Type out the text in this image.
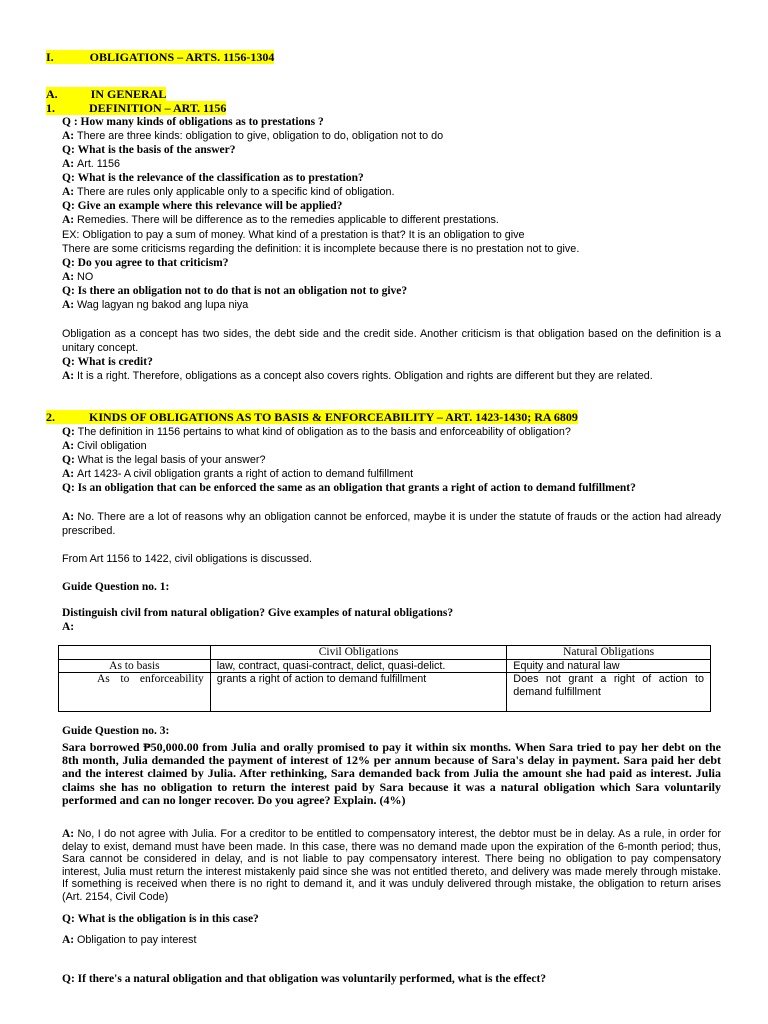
I.	OBLIGATIONS – ARTS. 1156-1304
A.	IN GENERAL
1.	DEFINITION – ART. 1156
Q : How many kinds of obligations as to prestations ?
A: There are three kinds: obligation to give, obligation to do, obligation not to do
Q: What is the basis of the answer?
A: Art. 1156
Q: What is the relevance of the classification as to prestation?
A: There are rules only applicable only to a specific kind of obligation.
Q: Give an example where this relevance will be applied?
A: Remedies. There will be difference as to the remedies applicable to different prestations.
EX: Obligation to pay a sum of money. What kind of a prestation is that? It is an obligation to give
There are some criticisms regarding the definition: it is incomplete because there is no prestation not to give.
Q: Do you agree to that criticism?
A: NO
Q: Is there an obligation not to do that is not an obligation not to give?
A: Wag lagyan ng bakod ang lupa niya
Obligation as a concept has two sides, the debt side and the credit side. Another criticism is that obligation based on the definition is a unitary concept.
Q: What is credit?
A: It is a right. Therefore, obligations as a concept also covers rights. Obligation and rights are different but they are related.
2.	KINDS OF OBLIGATIONS AS TO BASIS & ENFORCEABILITY – ART. 1423-1430; RA 6809
Q: The definition in 1156 pertains to what kind of obligation as to the basis and enforceability of obligation?
A: Civil obligation
Q: What is the legal basis of your answer?
A: Art 1423- A civil obligation grants a right of action to demand fulfillment
Q: Is an obligation that can be enforced the same as an obligation that grants a right of action to demand fulfillment?
A: No. There are a lot of reasons why an obligation cannot be enforced, maybe it is under the statute of frauds or the action had already prescribed.
From Art 1156 to 1422, civil obligations is discussed.
Guide Question no. 1:
Distinguish civil from natural obligation? Give examples of natural obligations?
A:
	Civil Obligations	Natural Obligations
As to basis	law, contract, quasi-contract, delict, quasi-delict.	Equity and natural law
As to enforceability	grants a right of action to demand fulfillment	Does not grant a right of action to demand fulfillment
Guide Question no. 3:
Sara borrowed ₱50,000.00 from Julia and orally promised to pay it within six months. When Sara tried to pay her debt on the 8th month, Julia demanded the payment of interest of 12% per annum because of Sara's delay in payment. Sara paid her debt and the interest claimed by Julia. After rethinking, Sara demanded back from Julia the amount she had paid as interest. Julia claims she has no obligation to return the interest paid by Sara because it was a natural obligation which Sara voluntarily performed and can no longer recover. Do you agree? Explain. (4%)
A: No, I do not agree with Julia. For a creditor to be entitled to compensatory interest, the debtor must be in delay. As a rule, in order for delay to exist, demand must have been made. In this case, there was no demand made upon the expiration of the 6-month period; thus, Sara cannot be considered in delay, and is not liable to pay compensatory interest. There being no obligation to pay compensatory interest, Julia must return the interest mistakenly paid since she was not entitled thereto, and delivery was made merely through mistake. If something is received when there is no right to demand it, and it was unduly delivered through mistake, the obligation to return arises (Art. 2154, Civil Code)
Q: What is the obligation is in this case?
A: Obligation to pay interest
Q: If there's a natural obligation and that obligation was voluntarily performed, what is the effect?
